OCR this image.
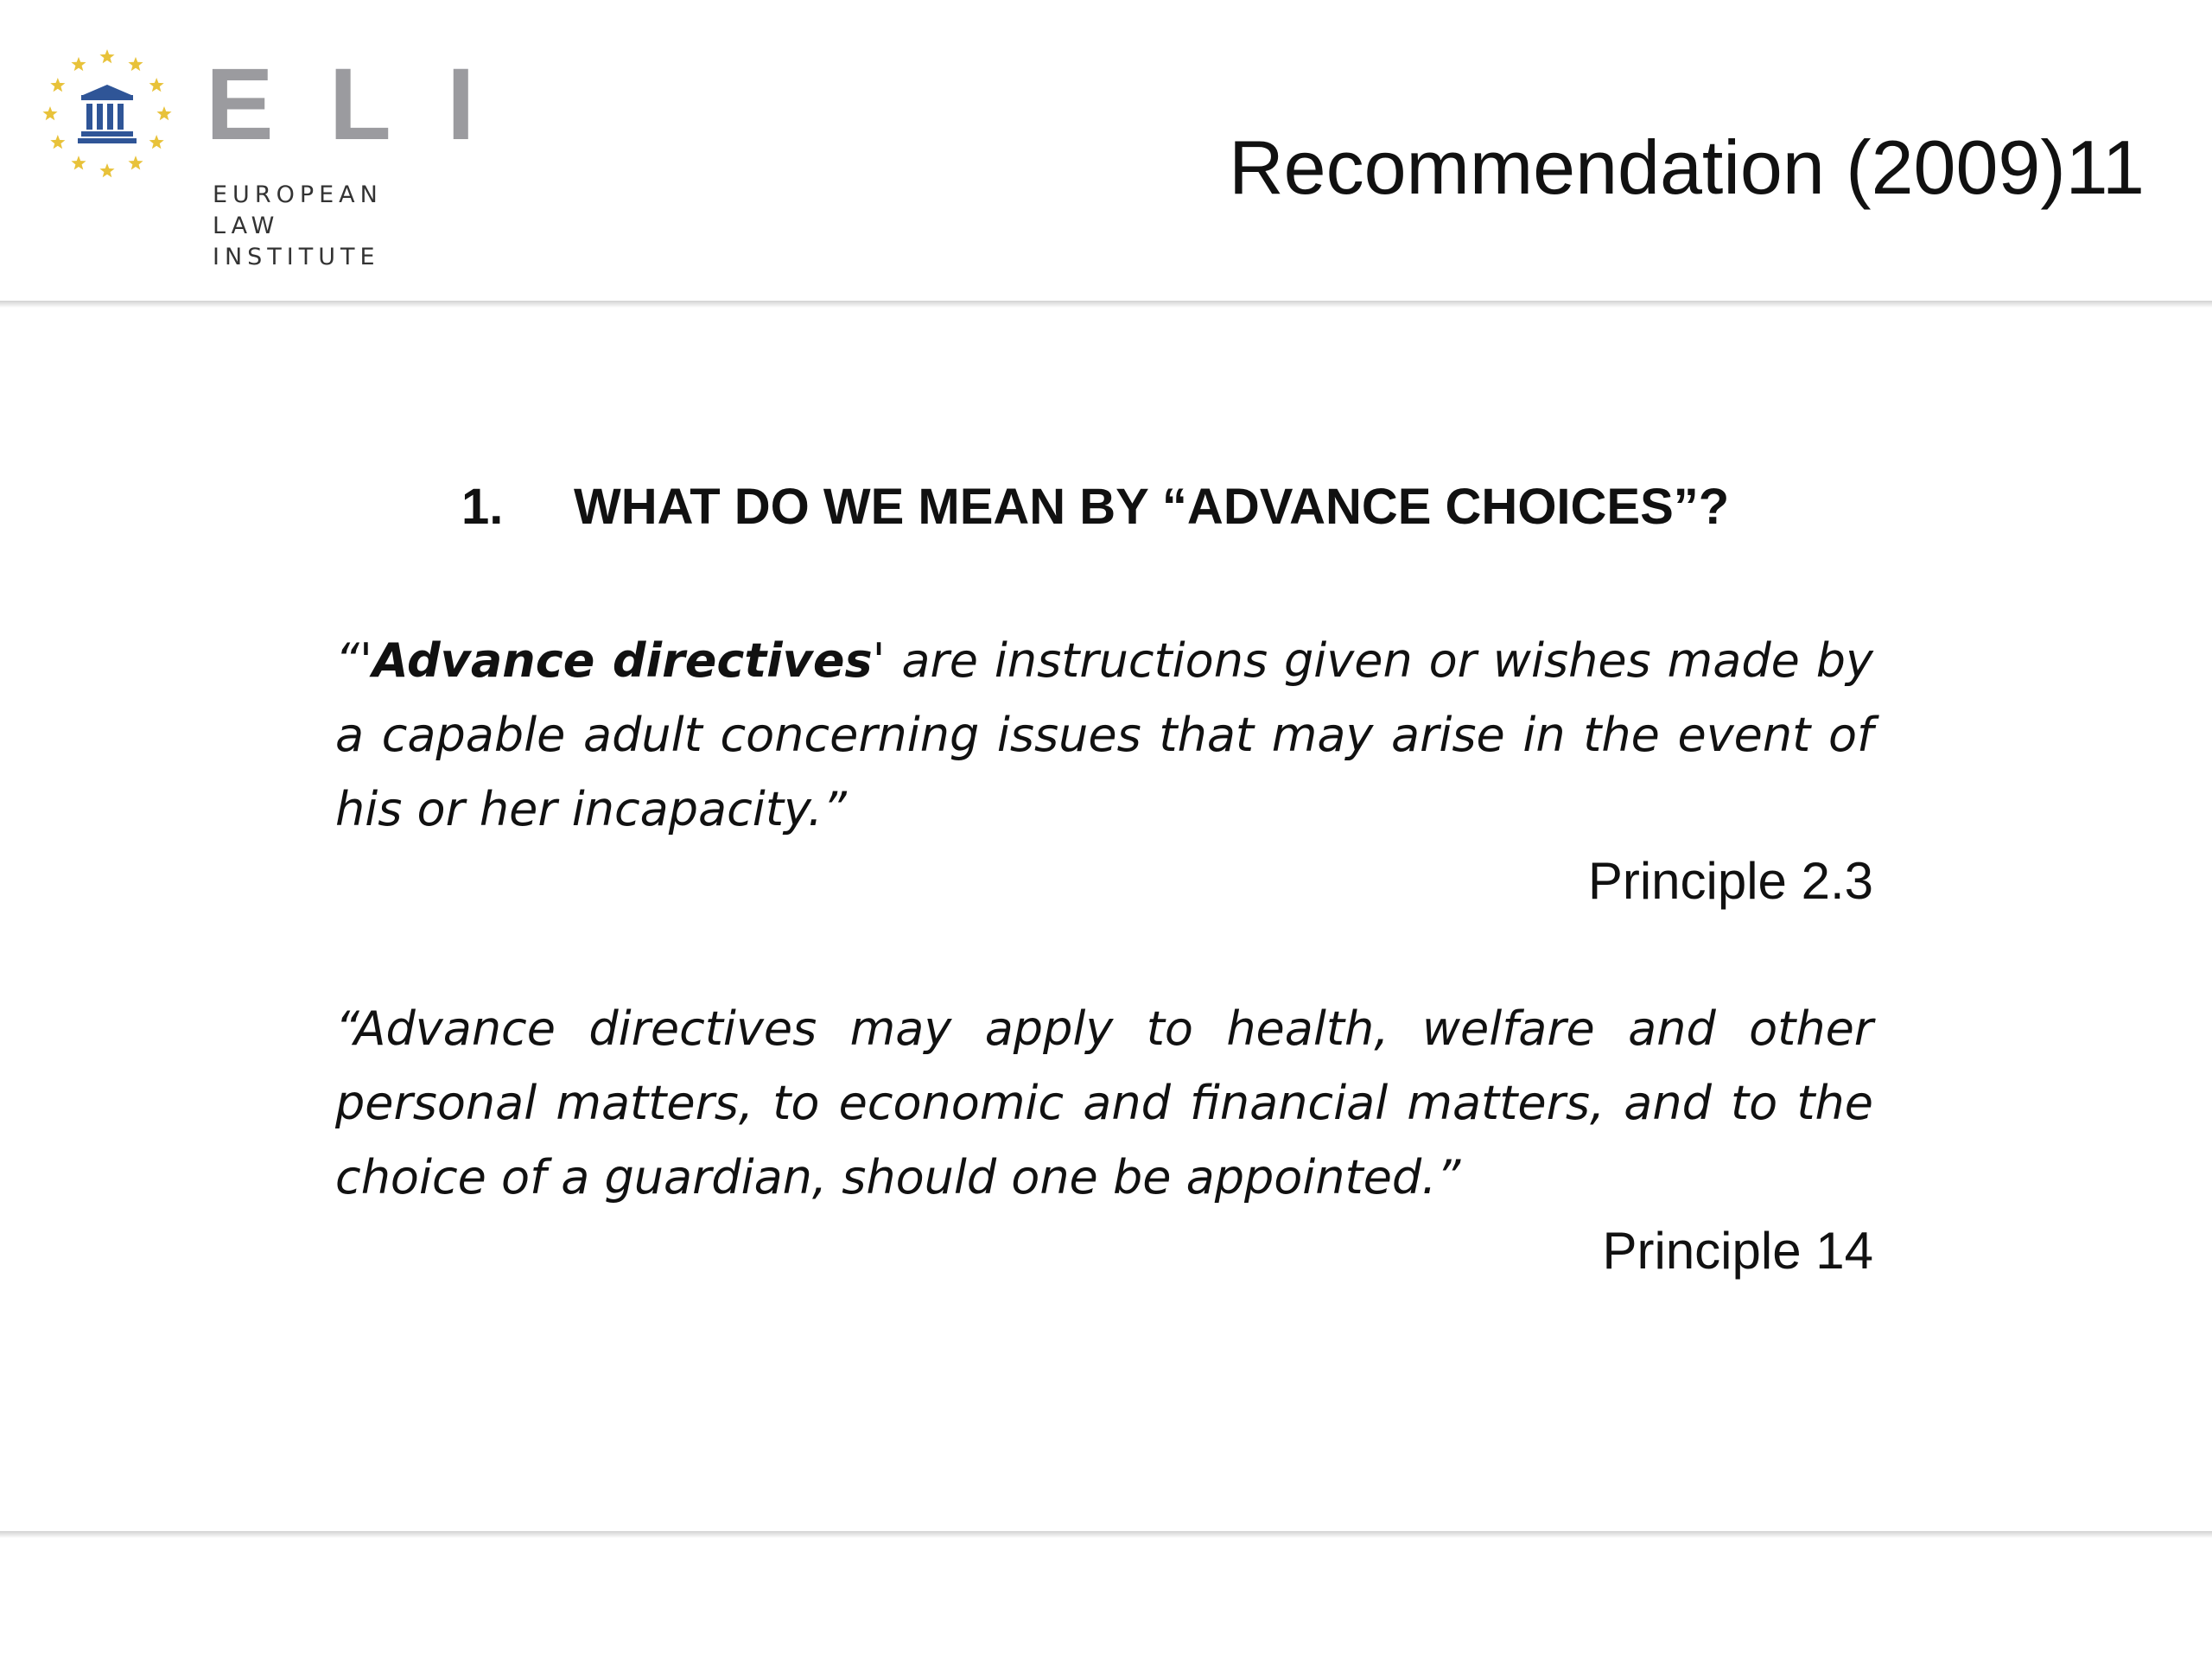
E L I
EUROPEAN
LAW
INSTITUTE
Recommendation (2009)11
1. WHAT DO WE MEAN BY “ADVANCE CHOICES”?
“'Advance directives' are instructions given or wishes made by a capable adult concerning issues that may arise in the event of his or her incapacity.”
Principle 2.3
“Advance directives may apply to health, welfare and other personal matters, to economic and financial matters, and to the choice of a guardian, should one be appointed.”
Principle 14
